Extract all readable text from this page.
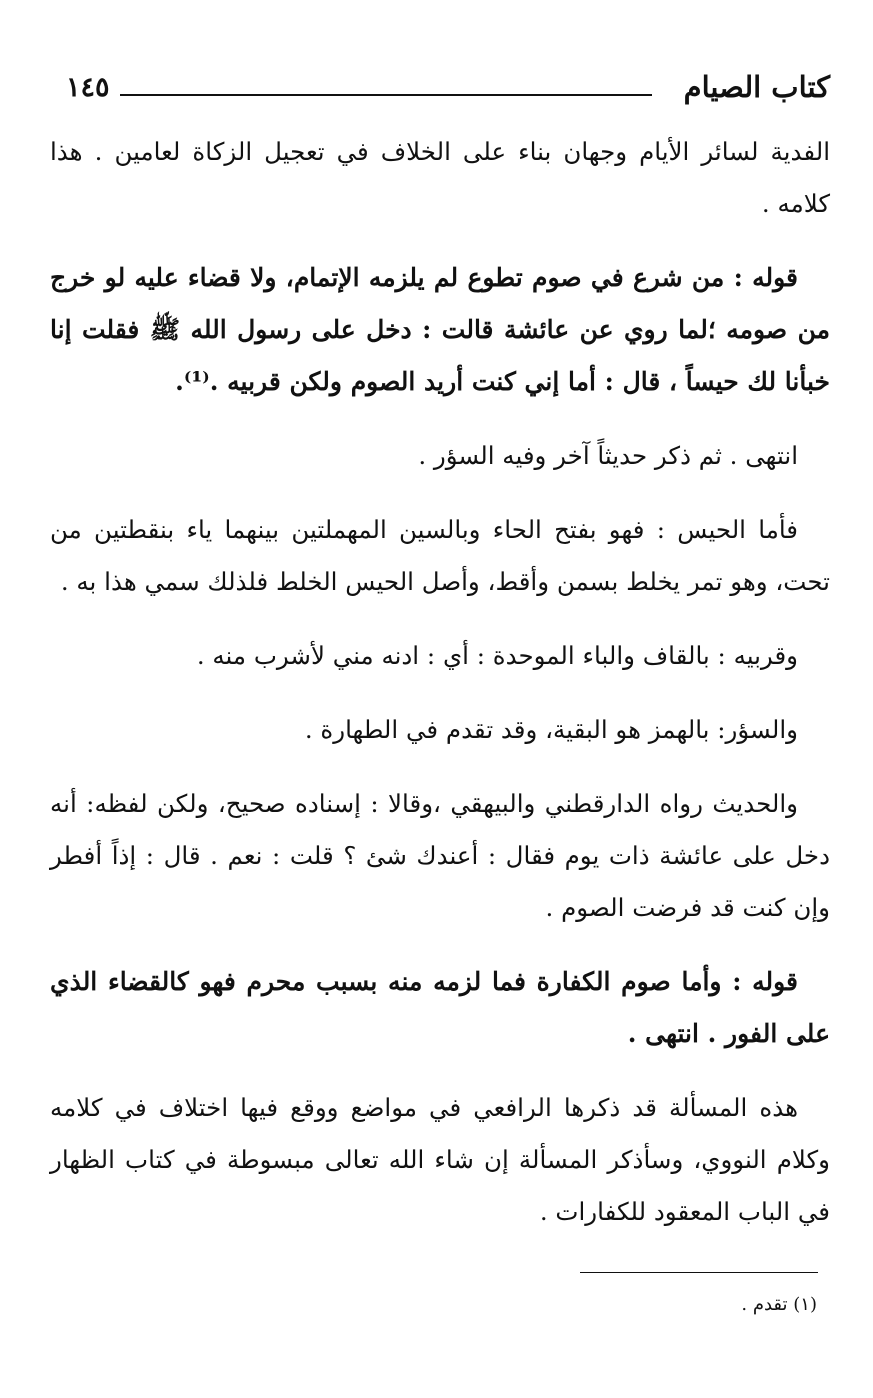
كتاب الصيام
١٤٥

الفدية لسائر الأيام وجهان بناء على الخلاف في تعجيل الزكاة لعامين . هذا كلامه .

قوله : من شرع في صوم تطوع لم يلزمه الإتمام، ولا قضاء عليه لو خرج من صومه ؛لما روي عن عائشة قالت : دخل على رسول الله ﷺ فقلت إنا خبأنا لك حيساً ، قال : أما إني كنت أريد الصوم ولكن قربيه .⁽¹⁾.

انتهى . ثم ذكر حديثاً آخر وفيه السؤر .

فأما الحيس : فهو بفتح الحاء وبالسين المهملتين بينهما ياء بنقطتين من تحت، وهو تمر يخلط بسمن وأقط، وأصل الحيس الخلط فلذلك سمي هذا به .

وقربيه : بالقاف والباء الموحدة : أي : ادنه مني لأشرب منه .

والسؤر: بالهمز هو البقية، وقد تقدم في الطهارة .

والحديث رواه الدارقطني والبيهقي ،وقالا : إسناده صحيح، ولكن لفظه: أنه دخل على عائشة ذات يوم فقال : أعندك شئ ؟ قلت : نعم . قال : إذاً أفطر وإن كنت قد فرضت الصوم .

قوله : وأما صوم الكفارة فما لزمه منه بسبب محرم فهو كالقضاء الذي على الفور . انتهى .

هذه المسألة قد ذكرها الرافعي في مواضع ووقع فيها اختلاف في كلامه وكلام النووي، وسأذكر المسألة إن شاء الله تعالى مبسوطة في كتاب الظهار في الباب المعقود للكفارات .

(١) تقدم .
